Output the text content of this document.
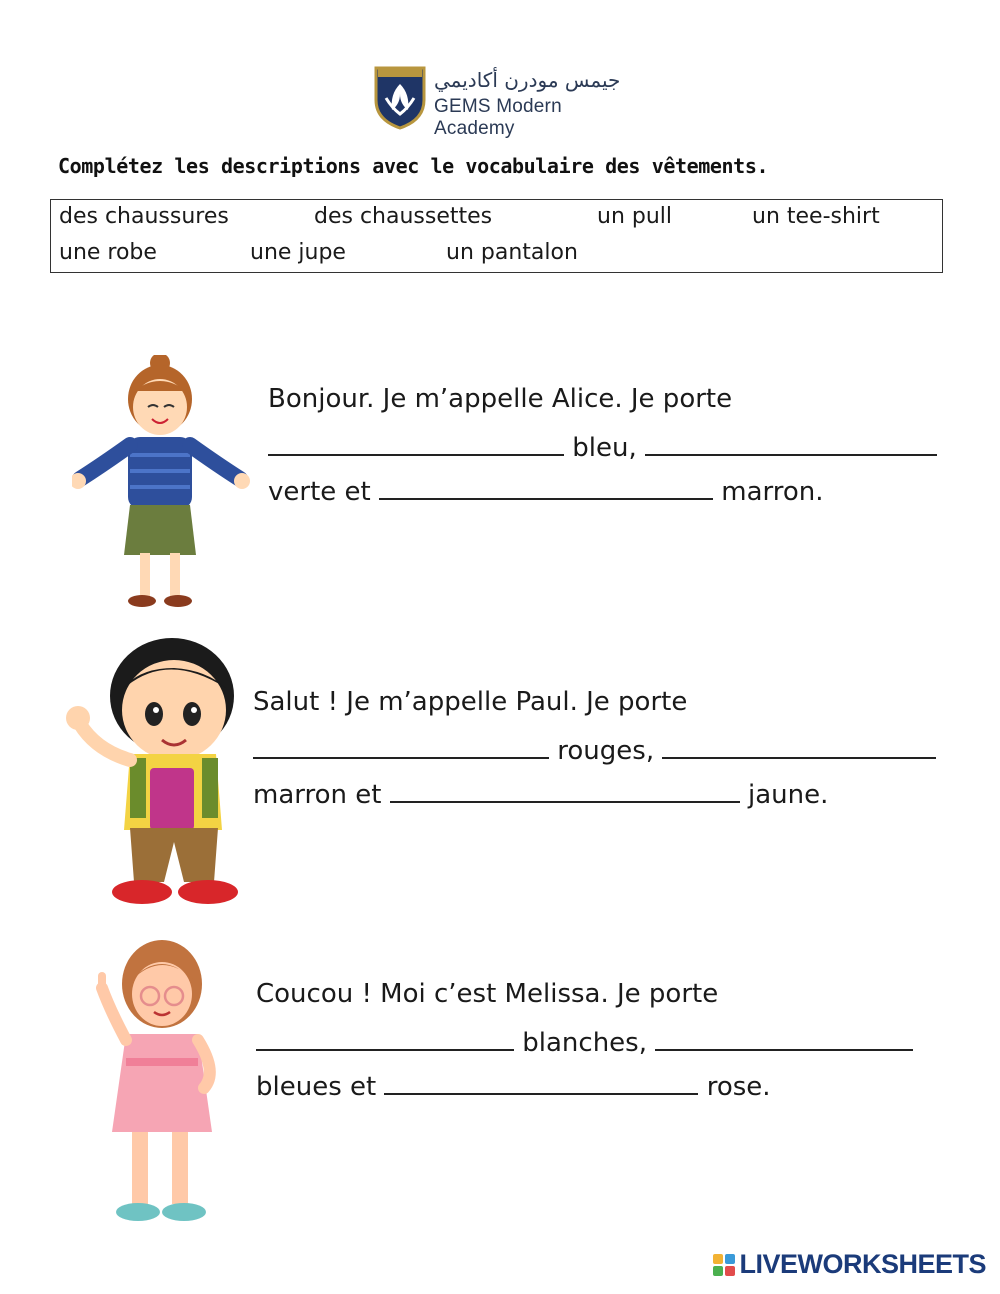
جيمس مودرن أكاديمي
GEMS Modern Academy
Complétez les descriptions avec le vocabulaire des vêtements.
des chaussures	des chaussettes	un pull	un tee-shirt
une robe	une jupe	un pantalon
Bonjour. Je m’appelle Alice. Je porte
bleu,
verte et	marron.
Salut ! Je m’appelle Paul. Je porte
rouges,
marron et	jaune.
Coucou ! Moi c’est Melissa. Je porte
blanches,
bleues et	rose.
LIVEWORKSHEETS
